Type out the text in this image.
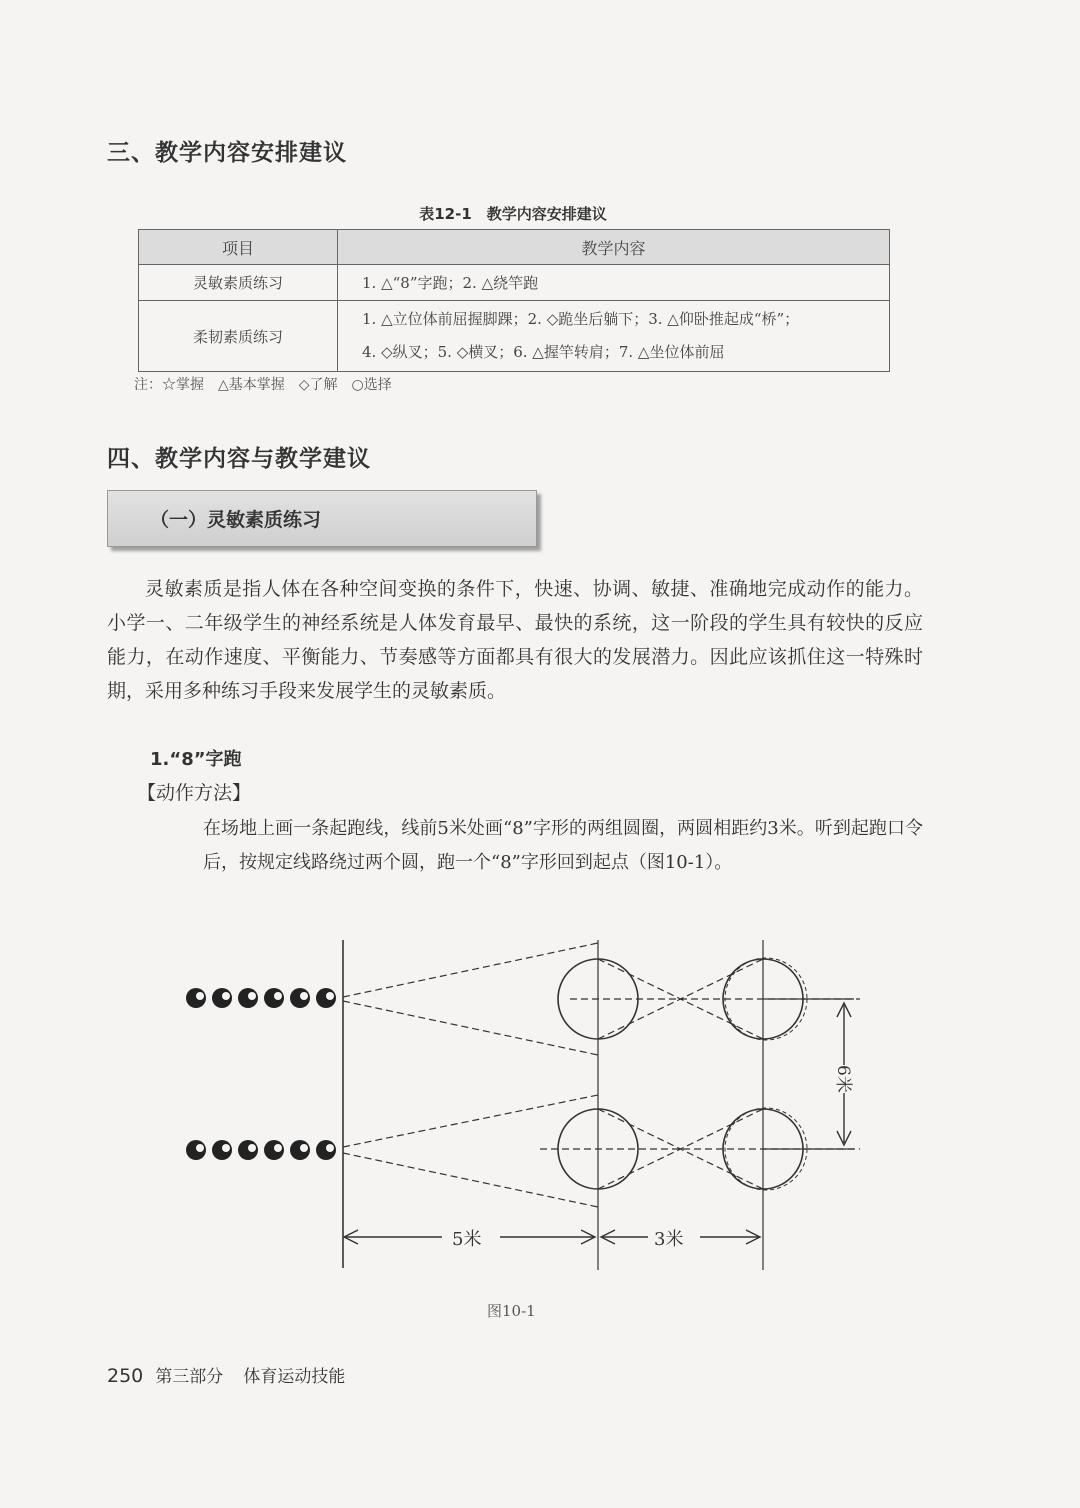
三、教学内容安排建议
表12-1　教学内容安排建议
项目	教学内容
灵敏素质练习	1. △“8”字跑；2. △绕竿跑
柔韧素质练习	1. △立位体前屈握脚踝；2. ◇跪坐后躺下；3. △仰卧推起成“桥”；
4. ◇纵叉；5. ◇横叉；6. △握竿转肩；7. △坐位体前屈
注：☆掌握　△基本掌握　◇了解　○选择
四、教学内容与教学建议
（一）灵敏素质练习

灵敏素质是指人体在各种空间变换的条件下，快速、协调、敏捷、准确地完成动作的能力。小学一、二年级学生的神经系统是人体发育最早、最快的系统，这一阶段的学生具有较快的反应能力，在动作速度、平衡能力、节奏感等方面都具有很大的发展潜力。因此应该抓住这一特殊时期，采用多种练习手段来发展学生的灵敏素质。

1.“8”字跑
【动作方法】
在场地上画一条起跑线，线前5米处画“8”字形的两组圆圈，两圆相距约3米。听到起跑口令后，按规定线路绕过两个圆，跑一个“8”字形回到起点（图10-1）。
5米	3米
6米
图10-1
250 第三部分 体育运动技能
